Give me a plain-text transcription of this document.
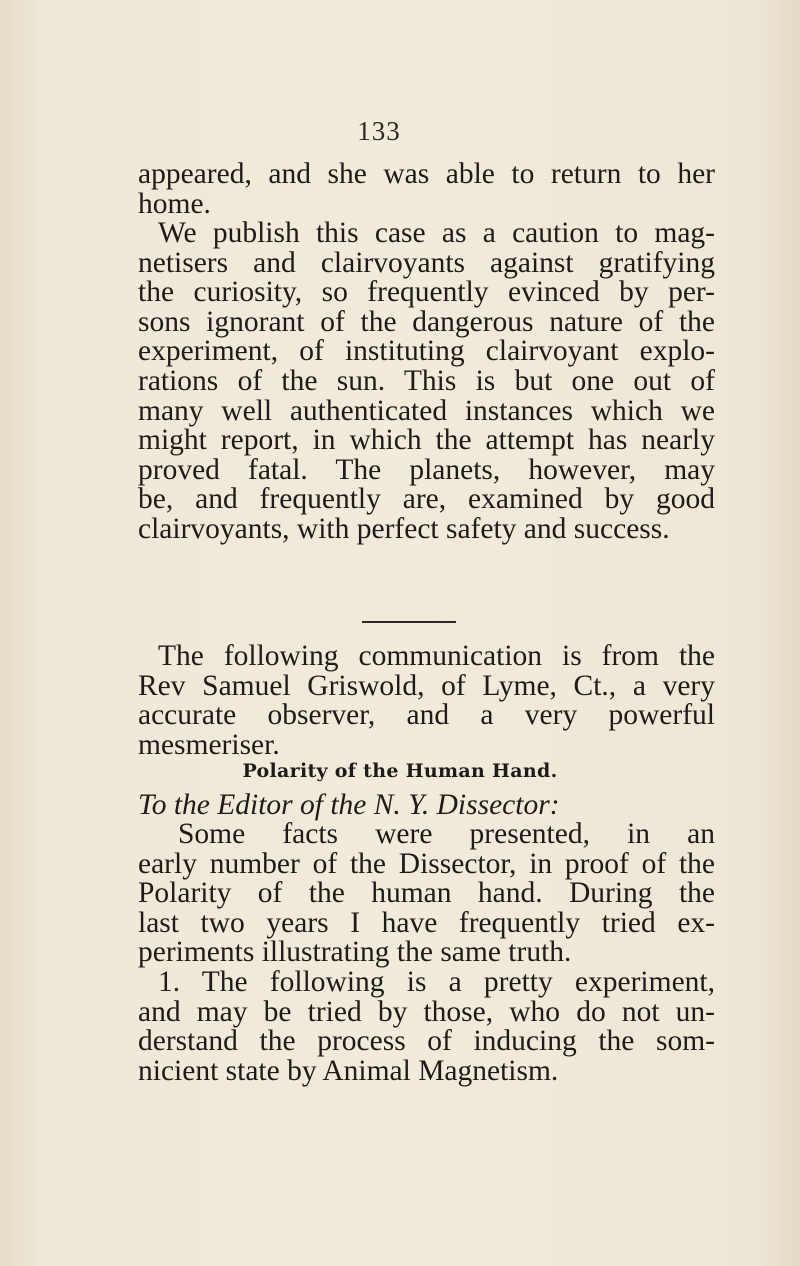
133
appeared, and she was able to return to her
home.
We publish this case as a caution to mag-
netisers and clairvoyants against gratifying
the curiosity, so frequently evinced by per-
sons ignorant of the dangerous nature of the
experiment, of instituting clairvoyant explo-
rations of the sun. This is but one out of
many well authenticated instances which we
might report, in which the attempt has nearly
proved fatal. The planets, however, may
be, and frequently are, examined by good
clairvoyants, with perfect safety and success.
The following communication is from the
Rev Samuel Griswold, of Lyme, Ct., a very
accurate observer, and a very powerful
mesmeriser.
Polarity of the Human Hand.
To the Editor of the N. Y. Dissector:
Some facts were presented, in an
early number of the Dissector, in proof of the
Polarity of the human hand. During the
last two years I have frequently tried ex-
periments illustrating the same truth.
1. The following is a pretty experiment,
and may be tried by those, who do not un-
derstand the process of inducing the som-
nicient state by Animal Magnetism.
